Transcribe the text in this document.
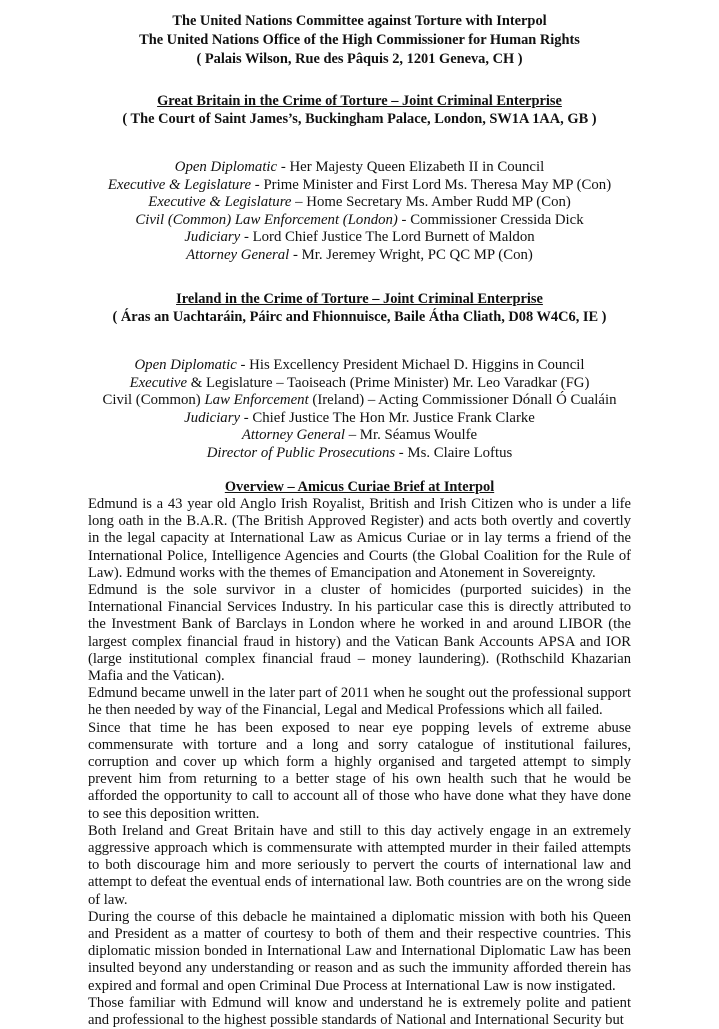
The United Nations Committee against Torture with Interpol
The United Nations Office of the High Commissioner for Human Rights
( Palais Wilson, Rue des Pâquis 2, 1201 Geneva, CH )
Great Britain in the Crime of Torture – Joint Criminal Enterprise
( The Court of Saint James’s, Buckingham Palace, London, SW1A 1AA, GB )
Open Diplomatic - Her Majesty Queen Elizabeth II in Council
Executive & Legislature - Prime Minister and First Lord Ms. Theresa May MP (Con)
Executive & Legislature – Home Secretary Ms. Amber Rudd MP (Con)
Civil (Common) Law Enforcement (London) - Commissioner Cressida Dick
Judiciary - Lord Chief Justice The Lord Burnett of Maldon
Attorney General - Mr. Jeremey Wright, PC QC MP (Con)
Ireland in the Crime of Torture – Joint Criminal Enterprise
( Áras an Uachtaráin, Páirc and Fhionnuisce, Baile Átha Cliath, D08 W4C6, IE )
Open Diplomatic - His Excellency President Michael D. Higgins in Council
Executive & Legislature – Taoiseach (Prime Minister) Mr. Leo Varadkar (FG)
Civil (Common) Law Enforcement (Ireland) – Acting Commissioner Dónall Ó Cualáin
Judiciary - Chief Justice The Hon Mr. Justice Frank Clarke
Attorney General – Mr. Séamus Woulfe
Director of Public Prosecutions - Ms. Claire Loftus
Overview – Amicus Curiae Brief at Interpol

Edmund is a 43 year old Anglo Irish Royalist, British and Irish Citizen who is under a life long oath in the B.A.R. (The British Approved Register) and acts both overtly and covertly in the legal capacity at International Law as Amicus Curiae or in lay terms a friend of the International Police, Intelligence Agencies and Courts (the Global Coalition for the Rule of Law). Edmund works with the themes of Emancipation and Atonement in Sovereignty.

Edmund is the sole survivor in a cluster of homicides (purported suicides) in the International Financial Services Industry. In his particular case this is directly attributed to the Investment Bank of Barclays in London where he worked in and around LIBOR (the largest complex financial fraud in history) and the Vatican Bank Accounts APSA and IOR (large institutional complex financial fraud – money laundering). (Rothschild Khazarian Mafia and the Vatican).

Edmund became unwell in the later part of 2011 when he sought out the professional support he then needed by way of the Financial, Legal and Medical Professions which all failed.

Since that time he has been exposed to near eye popping levels of extreme abuse commensurate with torture and a long and sorry catalogue of institutional failures, corruption and cover up which form a highly organised and targeted attempt to simply prevent him from returning to a better stage of his own health such that he would be afforded the opportunity to call to account all of those who have done what they have done to see this deposition written.

Both Ireland and Great Britain have and still to this day actively engage in an extremely aggressive approach which is commensurate with attempted murder in their failed attempts to both discourage him and more seriously to pervert the courts of international law and attempt to defeat the eventual ends of international law. Both countries are on the wrong side of law.

During the course of this debacle he maintained a diplomatic mission with both his Queen and President as a matter of courtesy to both of them and their respective countries. This diplomatic mission bonded in International Law and International Diplomatic Law has been insulted beyond any understanding or reason and as such the immunity afforded therein has expired and formal and open Criminal Due Process at International Law is now instigated.

Those familiar with Edmund will know and understand he is extremely polite and patient and professional to the highest possible standards of National and International Security but
